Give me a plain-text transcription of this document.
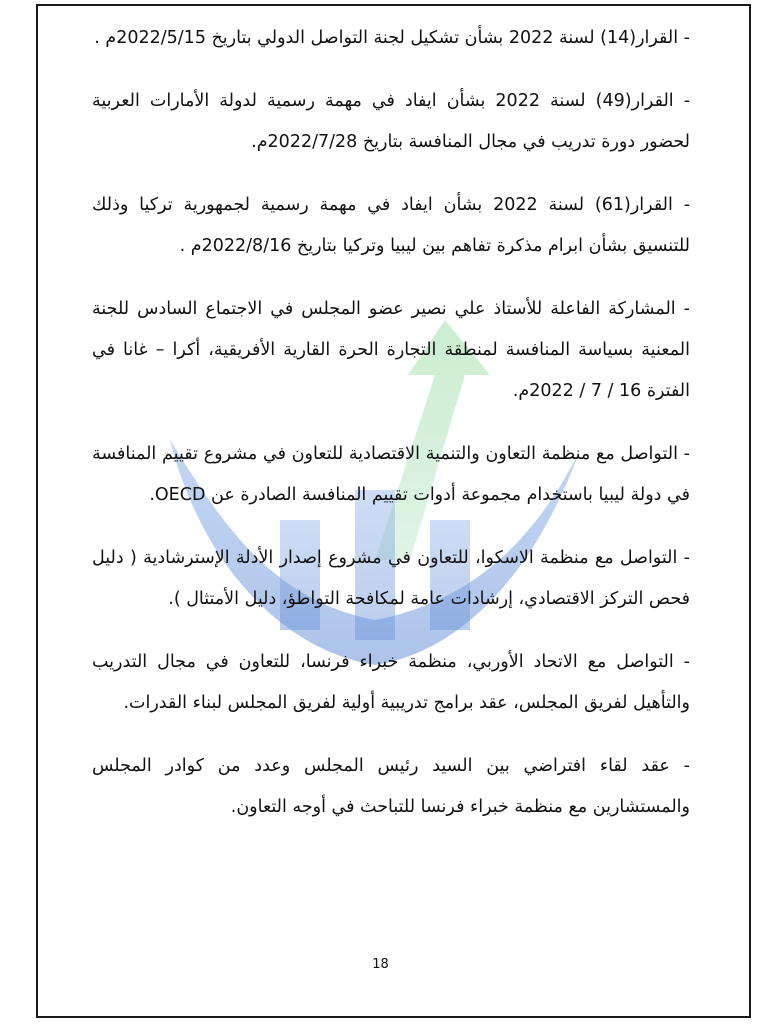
- القرار(14) لسنة 2022 بشأن تشكيل لجنة التواصل الدولي بتاريخ 2022/5/15م .

- القرار(49) لسنة 2022 بشأن ايفاد في مهمة رسمية لدولة الأمارات العربية لحضور دورة تدريب في مجال المنافسة بتاريخ 2022/7/28م.

- القرار(61) لسنة 2022 بشأن ايفاد في مهمة رسمية لجمهورية تركيا وذلك للتنسيق بشأن ابرام مذكرة تفاهم بين ليبيا وتركيا بتاريخ 2022/8/16م .

- المشاركة الفاعلة للأستاذ علي نصير عضو المجلس في الاجتماع السادس للجنة المعنية بسياسة المنافسة لمنطقة التجارة الحرة القارية الأفريقية، أكرا – غانا في الفترة 16 / 7 / 2022م.

- التواصل مع منظمة التعاون والتنمية الاقتصادية للتعاون في مشروع تقييم المنافسة في دولة ليبيا باستخدام مجموعة أدوات تقييم المنافسة الصادرة عن OECD.

- التواصل مع منظمة الاسكوا، للتعاون في مشروع إصدار الأدلة الإسترشادية ( دليل فحص التركز الاقتصادي، إرشادات عامة لمكافحة التواطؤ، دليل الأمتثال ).

- التواصل مع الاتحاد الأوربي، منظمة خبراء فرنسا، للتعاون في مجال التدريب والتأهيل لفريق المجلس، عقد برامج تدريبية أولية لفريق المجلس لبناء القدرات.

- عقد لقاء افتراضي بين السيد رئيس المجلس وعدد من كوادر المجلس والمستشارين مع منظمة خبراء فرنسا للتباحث في أوجه التعاون.

18
